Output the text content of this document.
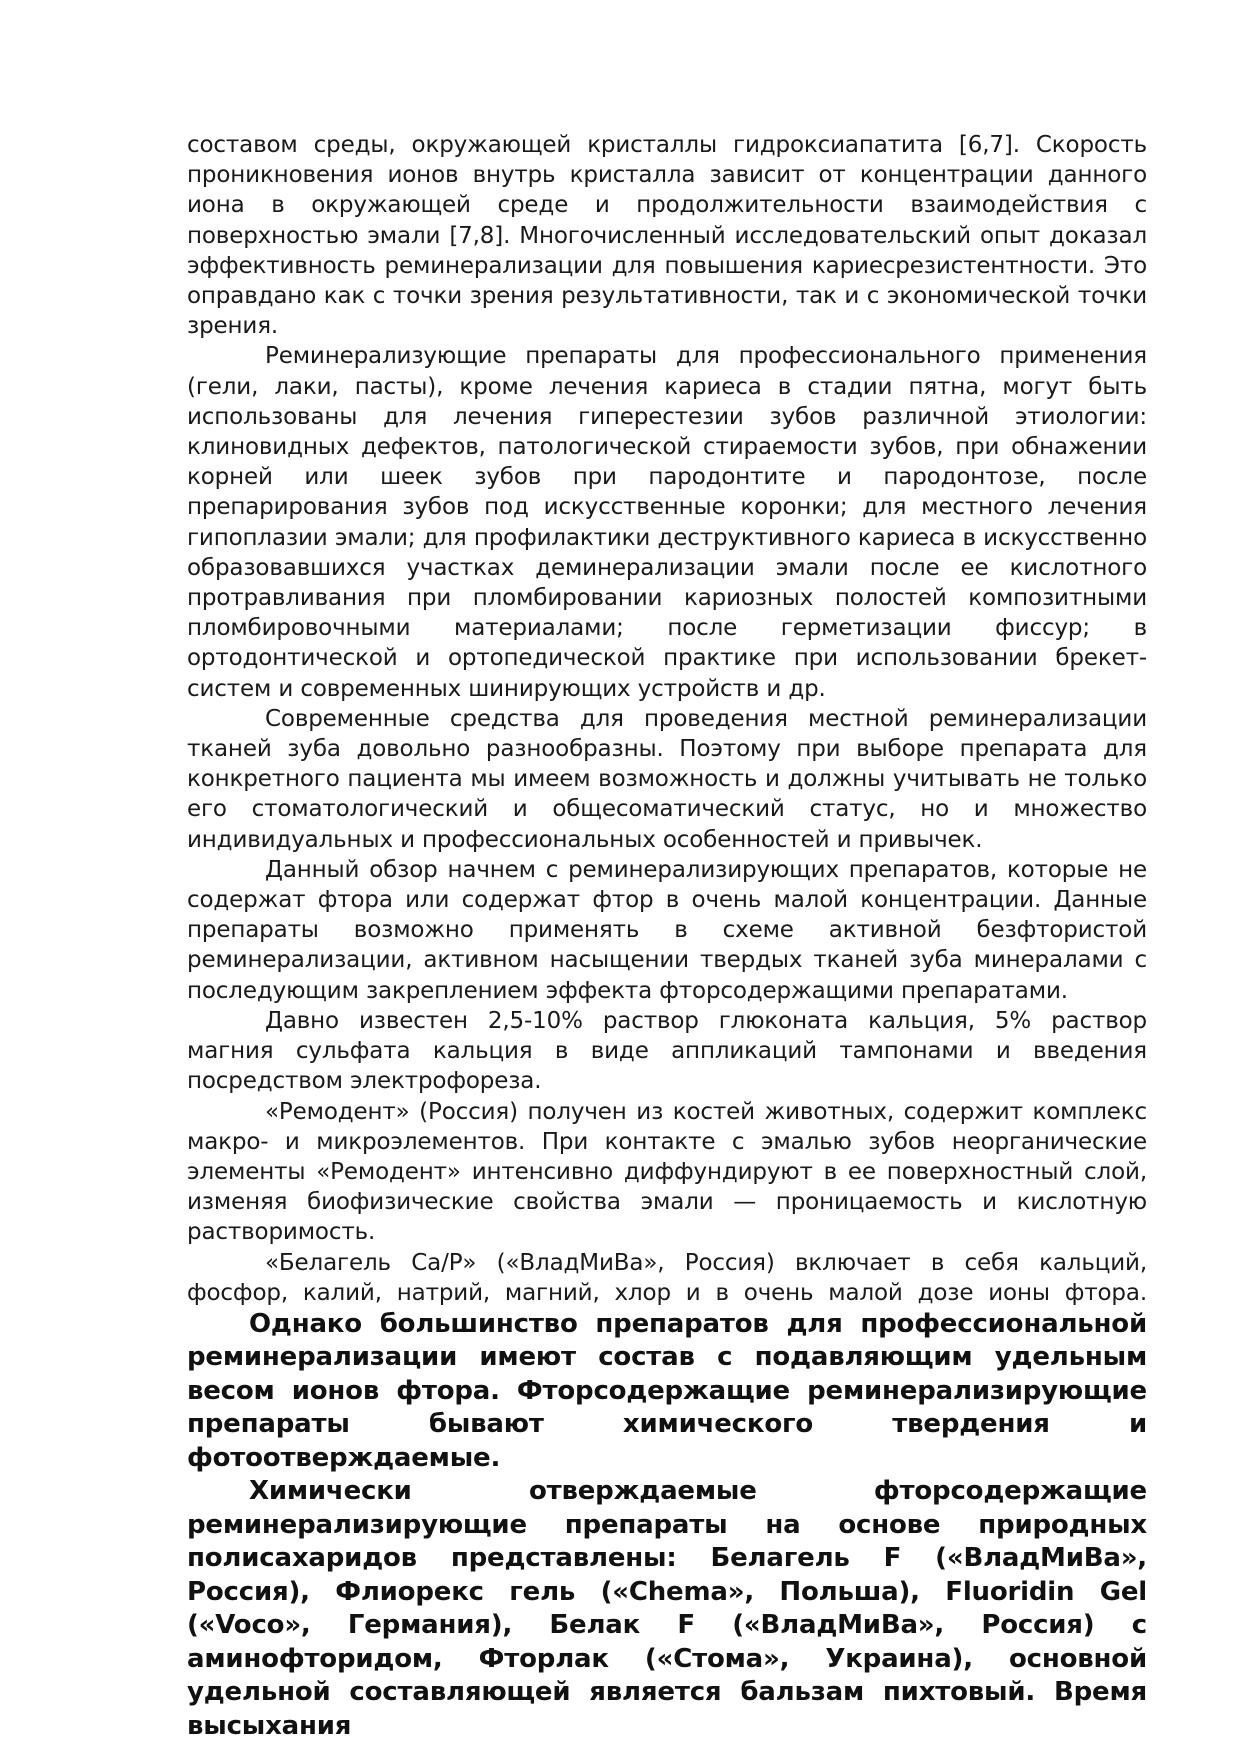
составом среды, окружающей кристаллы гидроксиапатита [6,7]. Скорость проникновения ионов внутрь кристалла зависит от концентрации данного иона в окружающей среде и продолжительности взаимодействия с поверхностью эмали [7,8]. Многочисленный исследовательский опыт доказал эффективность реминерализации для повышения кариесрезистентности. Это оправдано как с точки зрения результативности, так и с экономической точки зрения.

Реминерализующие препараты для профессионального применения (гели, лаки, пасты), кроме лечения кариеса в стадии пятна, могут быть использованы для лечения гиперестезии зубов различной этиологии: клиновидных дефектов, патологической стираемости зубов, при обнажении корней или шеек зубов при пародонтите и пародонтозе, после препарирования зубов под искусственные коронки; для местного лечения гипоплазии эмали; для профилактики деструктивного кариеса в искусственно образовавшихся участках деминерализации эмали после ее кислотного протравливания при пломбировании кариозных полостей композитными пломбировочными материалами; после герметизации фиссур; в ортодонтической и ортопедической практике при использовании брекет-систем и современных шинирующих устройств и др.

Современные средства для проведения местной реминерализации тканей зуба довольно разнообразны. Поэтому при выборе препарата для конкретного пациента мы имеем возможность и должны учитывать не только его стоматологический и общесоматический статус, но и множество индивидуальных и профессиональных особенностей и привычек.

Данный обзор начнем с реминерализирующих препаратов, которые не содержат фтора или содержат фтор в очень малой концентрации. Данные препараты возможно применять в схеме активной безфтористой реминерализации, активном насыщении твердых тканей зуба минералами с последующим закреплением эффекта фторсодержащими препаратами.

Давно известен 2,5-10% раствор глюконата кальция, 5% раствор магния сульфата кальция в виде аппликаций тампонами и введения посредством электрофореза.

«Ремодент» (Россия) получен из костей животных, содержит комплекс макро- и микроэлементов. При контакте с эмалью зубов неорганические элементы «Ремодент» интенсивно диффундируют в ее поверхностный слой, изменяя биофизические свойства эмали — проницаемость и кислотную растворимость.

«Белагель Са/Р» («ВладМиВа», Россия) включает в себя кальций, фосфор, калий, натрий, магний, хлор и в очень малой дозе ионы фтора.

Однако большинство препаратов для профессиональной реминерализации имеют состав с подавляющим удельным весом ионов фтора. Фторсодержащие реминерализирующие препараты бывают химического твердения и фотоотверждаемые.

Химически отверждаемые фторсодержащие реминерализирующие препараты на основе природных полисахаридов представлены: Белагель F («ВладМиВа», Россия), Флиорекс гель («Chema», Польша), Fluoridin Gel («Voco», Германия), Белак F («ВладМиВа», Россия) с аминофторидом, Фторлак («Стома», Украина), основной удельной составляющей является бальзам пихтовый. Время высыхания
